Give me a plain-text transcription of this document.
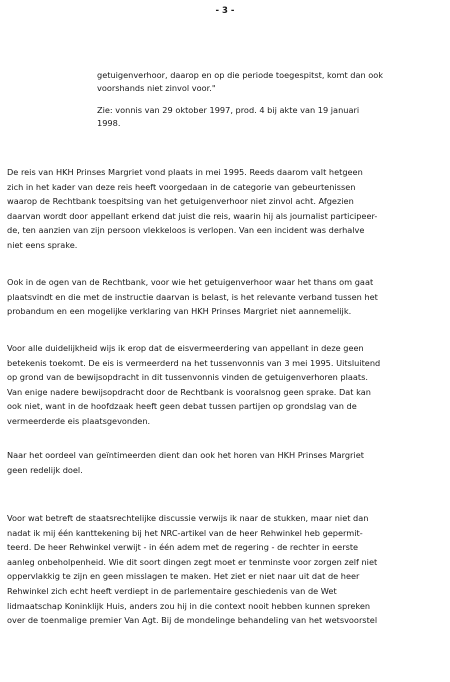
- 3 -
getuigenverhoor, daarop en op die periode toegespitst, komt dan ook
voorshands niet zinvol voor."
Zie: vonnis van 29 oktober 1997, prod. 4 bij akte van 19 januari
1998.
De reis van HKH Prinses Margriet vond plaats in mei 1995. Reeds daarom valt hetgeen
zich in het kader van deze reis heeft voorgedaan in de categorie van gebeurtenissen
waarop de Rechtbank toespitsing van het getuigenverhoor niet zinvol acht. Afgezien
daarvan wordt door appellant erkend dat juist die reis, waarin hij als journalist participeer-
de, ten aanzien van zijn persoon vlekkeloos is verlopen. Van een incident was derhalve
niet eens sprake.
Ook in de ogen van de Rechtbank, voor wie het getuigenverhoor waar het thans om gaat
plaatsvindt en die met de instructie daarvan is belast, is het relevante verband tussen het
probandum en een mogelijke verklaring van HKH Prinses Margriet niet aannemelijk.
Voor alle duidelijkheid wijs ik erop dat de eisvermeerdering van appellant in deze geen
betekenis toekomt. De eis is vermeerderd na het tussenvonnis van 3 mei 1995. Uitsluitend
op grond van de bewijsopdracht in dit tussenvonnis vinden de getuigenverhoren plaats.
Van enige nadere bewijsopdracht door de Rechtbank is vooralsnog geen sprake. Dat kan
ook niet, want in de hoofdzaak heeft geen debat tussen partijen op grondslag van de
vermeerderde eis plaatsgevonden.
Naar het oordeel van geïntimeerden dient dan ook het horen van HKH Prinses Margriet
geen redelijk doel.
Voor wat betreft de staatsrechtelijke discussie verwijs ik naar de stukken, maar niet dan
nadat ik mij één kanttekening bij het NRC-artikel van de heer Rehwinkel heb gepermit-
teerd. De heer Rehwinkel verwijt - in één adem met de regering - de rechter in eerste
aanleg onbeholpenheid. Wie dit soort dingen zegt moet er tenminste voor zorgen zelf niet
oppervlakkig te zijn en geen misslagen te maken. Het ziet er niet naar uit dat de heer
Rehwinkel zich echt heeft verdiept in de parlementaire geschiedenis van de Wet
lidmaatschap Koninklijk Huis, anders zou hij in die context nooit hebben kunnen spreken
over de toenmalige premier Van Agt. Bij de mondelinge behandeling van het wetsvoorstel
